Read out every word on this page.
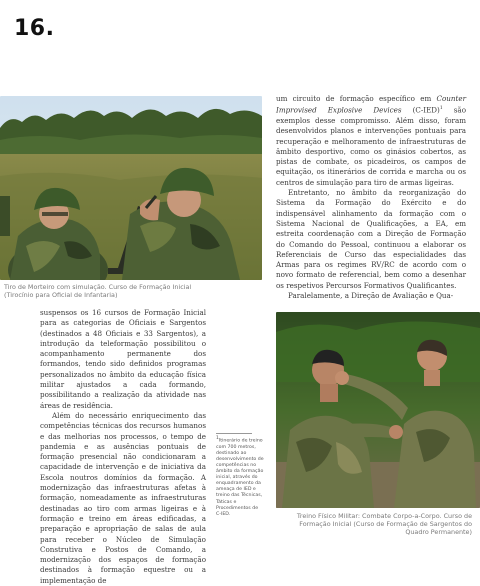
16.
Tiro de Morteiro com simulação. Curso de Formação Inicial
(Tirocínio para Oficial de Infantaria)

um circuito de formação específico em Counter Improvised Explosive Devices (C-IED)$^1$ são exemplos desse compromisso. Além disso, foram desenvolvidos planos e intervenções pontuais para recuperação e melhoramento de infraestruturas de âmbito desportivo, como os ginásios cobertos, as pistas de combate, os picadeiros, os campos de equitação, os itinerários de corrida e marcha ou os centros de simulação para tiro de armas ligeiras.

Entretanto, no âmbito da reorganização do Sistema da Formação do Exército e do indispensável alinhamento da formação com o Sistema Nacional de Qualificações, a EA, em estreita coordenação com a Direção de Formação do Comando do Pessoal, continuou a elaborar os Referenciais de Curso das especialidades das Armas para os regimes RV/RC de acordo com o novo formato de referencial, bem como a desenhar os respetivos Percursos Formativos Qualificantes.

Paralelamente, a Direção de Avaliação e Qua-

suspensos os 16 cursos de Formação Inicial para as categorias de Oficiais e Sargentos (destinados a 48 Oficiais e 33 Sargentos), a introdução da teleformação possibilitou o acompanhamento permanente dos formandos, tendo sido definidos programas personalizados no âmbito da educação física militar ajustados a cada formando, possibilitando a realização da atividade nas áreas de residência.

Além do necessário enriquecimento das competências técnicas dos recursos humanos e das melhorias nos processos, o tempo de pandemia e as ausências pontuais de formação presencial não condicionaram a capacidade de intervenção e de iniciativa da Escola noutros domínios da formação. A modernização das infraestruturas afetas à formação, nomeadamente as infraestruturas destinadas ao tiro com armas ligeiras e à formação e treino em áreas edificadas, a preparação e apropriação de salas de aula para receber o Núcleo de Simulação Construtiva e Postos de Comando, a modernização dos espaços de formação destinados à formação equestre ou a implementação de

1Itinerário de treino com 700 metros, destinado ao desenvolvimento de competências no âmbito da formação inicial, através do enquadramento da ameaça de IED e treino das Técnicas, Táticas e Procedimentos de C-IED.	Treino Físico Militar: Combate Corpo-a-Corpo. Curso de
Formação Inicial (Curso de Formação de Sargentos do
Quadro Permanente)
